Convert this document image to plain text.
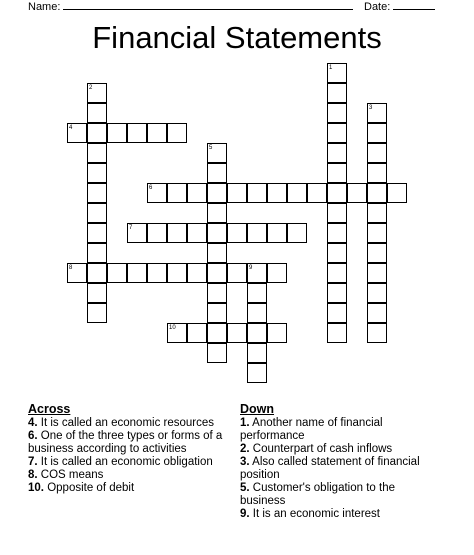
Name:	Date:
Financial Statements
1
2
3
4
5
6
7
8	9
10
Across

4. It is called an economic resources

6. One of the three types or forms of a business according to activities

7. It is called an economic obligation

8. COS means

10. Opposite of debit

Down

1. Another name of financial performance

2. Counterpart of cash inflows

3. Also called statement of financial position

5. Customer's obligation to the business

9. It is an economic interest
